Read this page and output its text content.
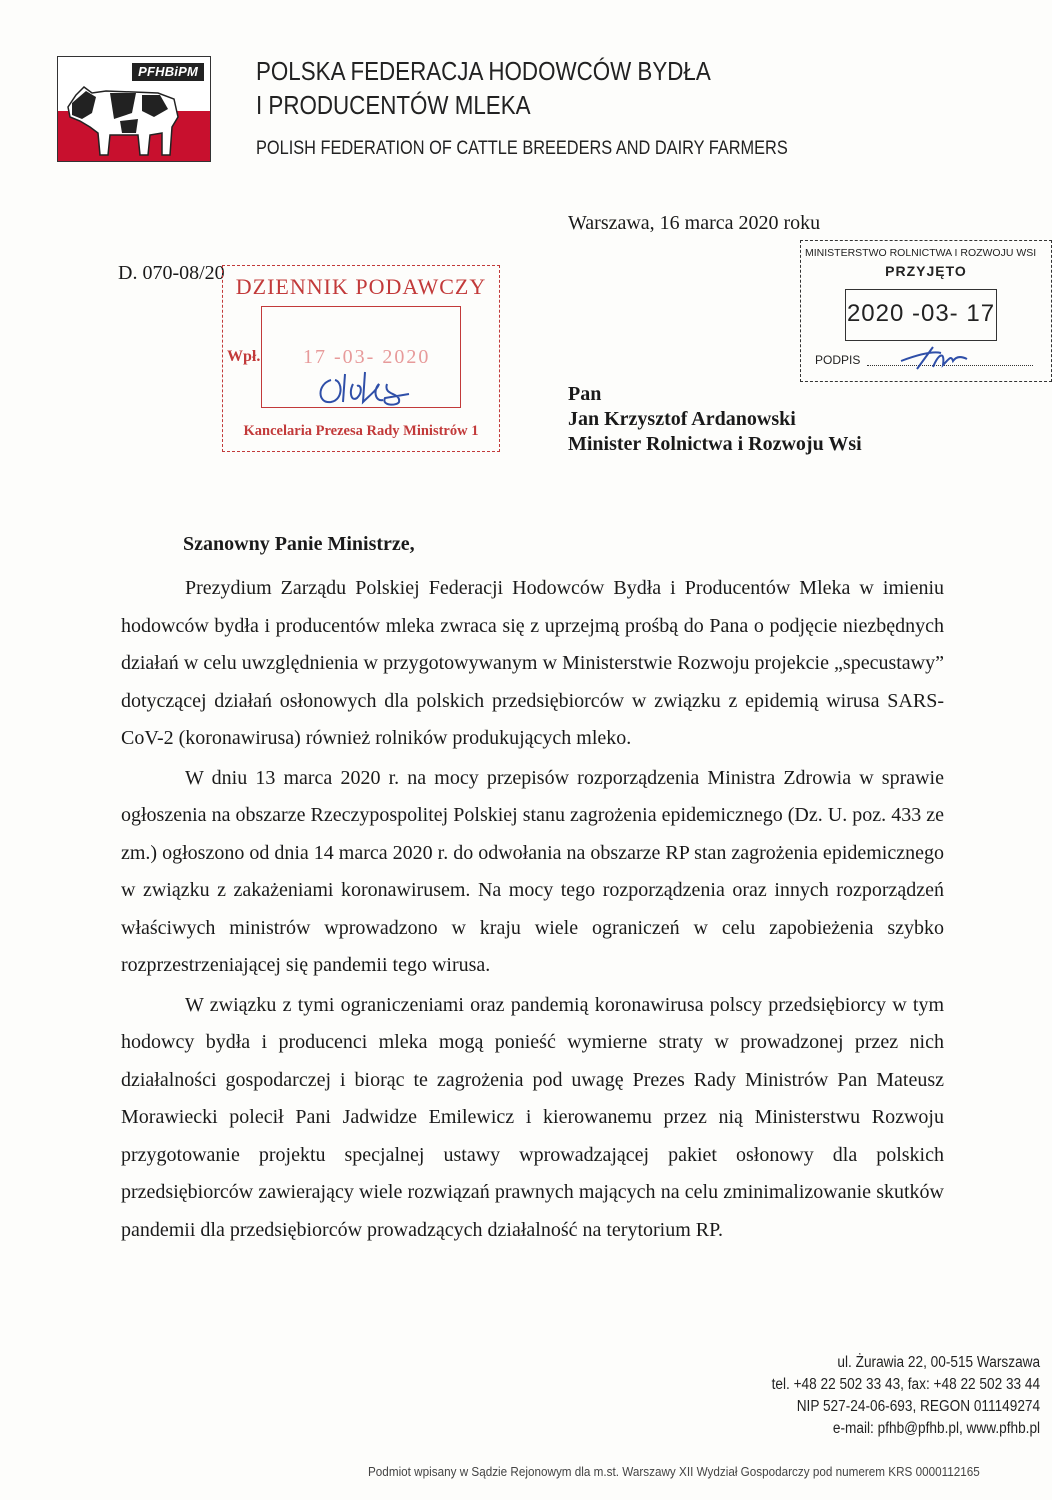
PFHBiPM POLSKA FEDERACJA HODOWCÓW BYDŁA
I PRODUCENTÓW MLEKA
POLISH FEDERATION OF CATTLE BREEDERS AND DAIRY FARMERS
Warszawa, 16 marca 2020 roku
D. 070-08/20
DZIENNIK PODAWCZY
Wpł. 17 -03- 2020
Kancelaria Prezesa Rady Ministrów 1
MINISTERSTWO ROLNICTWA I ROZWOJU WSI
PRZYJĘTO
2020 -03- 17
PODPIS
Pan
Jan Krzysztof Ardanowski
Minister Rolnictwa i Rozwoju Wsi
Szanowny Panie Ministrze,

Prezydium Zarządu Polskiej Federacji Hodowców Bydła i Producentów Mleka w imieniu hodowców bydła i producentów mleka zwraca się z uprzejmą prośbą do Pana o podjęcie niezbędnych działań w celu uwzględnienia w przygotowywanym w Ministerstwie Rozwoju projekcie „specustawy” dotyczącej działań osłonowych dla polskich przedsiębiorców w związku z epidemią wirusa SARS-CoV-2 (koronawirusa) również rolników produkujących mleko.

W dniu 13 marca 2020 r. na mocy przepisów rozporządzenia Ministra Zdrowia w sprawie ogłoszenia na obszarze Rzeczypospolitej Polskiej stanu zagrożenia epidemicznego (Dz. U. poz. 433 ze zm.) ogłoszono od dnia 14 marca 2020 r. do odwołania na obszarze RP stan zagrożenia epidemicznego w związku z zakażeniami koronawirusem. Na mocy tego rozporządzenia oraz innych rozporządzeń właściwych ministrów wprowadzono w kraju wiele ograniczeń w celu zapobieżenia szybko rozprzestrzeniającej się pandemii tego wirusa.

W związku z tymi ograniczeniami oraz pandemią koronawirusa polscy przedsiębiorcy w tym hodowcy bydła i producenci mleka mogą ponieść wymierne straty w prowadzonej przez nich działalności gospodarczej i biorąc te zagrożenia pod uwagę Prezes Rady Ministrów Pan Mateusz Morawiecki polecił Pani Jadwidze Emilewicz i kierowanemu przez nią Ministerstwu Rozwoju przygotowanie projektu specjalnej ustawy wprowadzającej pakiet osłonowy dla polskich przedsiębiorców zawierający wiele rozwiązań prawnych mających na celu zminimalizowanie skutków pandemii dla przedsiębiorców prowadzących działalność na terytorium RP.

ul. Żurawia 22, 00-515 Warszawa
tel. +48 22 502 33 43, fax: +48 22 502 33 44
NIP 527-24-06-693, REGON 011149274
e-mail: pfhb@pfhb.pl, www.pfhb.pl
Podmiot wpisany w Sądzie Rejonowym dla m.st. Warszawy XII Wydział Gospodarczy pod numerem KRS 0000112165
